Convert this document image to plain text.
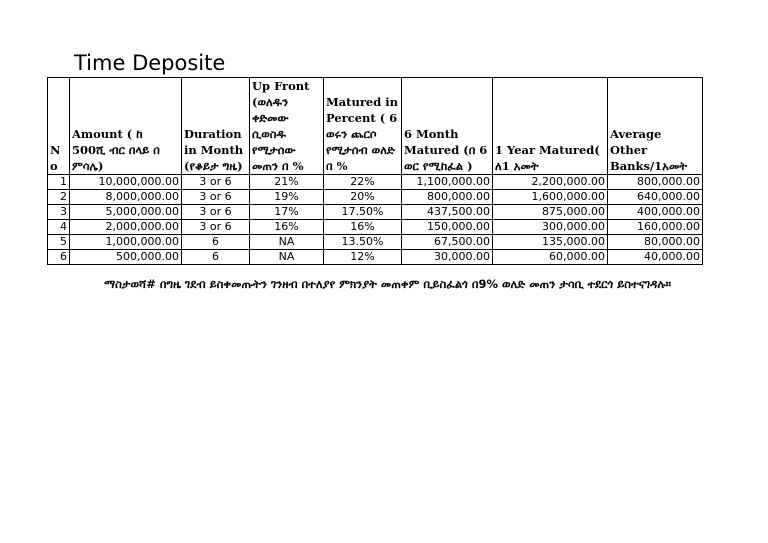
Time Deposite
No	Amount ( ከ 500ሺ ብር በላይ በ ምሳሌ)	Duration in Month (የቆይታ ግዜ)	Up Front (ወለዱን ቀድመው ሲወስዱ የሚታሰው መጠን በ %	Matured in Percent ( 6 ወሩን ጨርሶ የሚታሰብ ወለድ በ %	6 Month Matured (በ 6 ወር የሚከፈል )	1 Year Matured( ለ1 አመት	Average Other Banks/1አመት
1	10,000,000.00	3 or 6	21%	22%	1,100,000.00	2,200,000.00	800,000.00
2	8,000,000.00	3 or 6	19%	20%	800,000.00	1,600,000.00	640,000.00
3	5,000,000.00	3 or 6	17%	17.50%	437,500.00	875,000.00	400,000.00
4	2,000,000.00	3 or 6	16%	16%	150,000.00	300,000.00	160,000.00
5	1,000,000.00	6	NA	13.50%	67,500.00	135,000.00	80,000.00
6	500,000.00	6	NA	12%	30,000.00	60,000.00	40,000.00
ማስታወሻ# በግዜ ገደብ ይስቀመጡትን ገንዘብ በተለያየ ምክንያት መጠቀም ቢይስፈልጎ በ9% ወለድ መጠን ታሳቢ ተደርጎ ይስተናገዳሉ።
